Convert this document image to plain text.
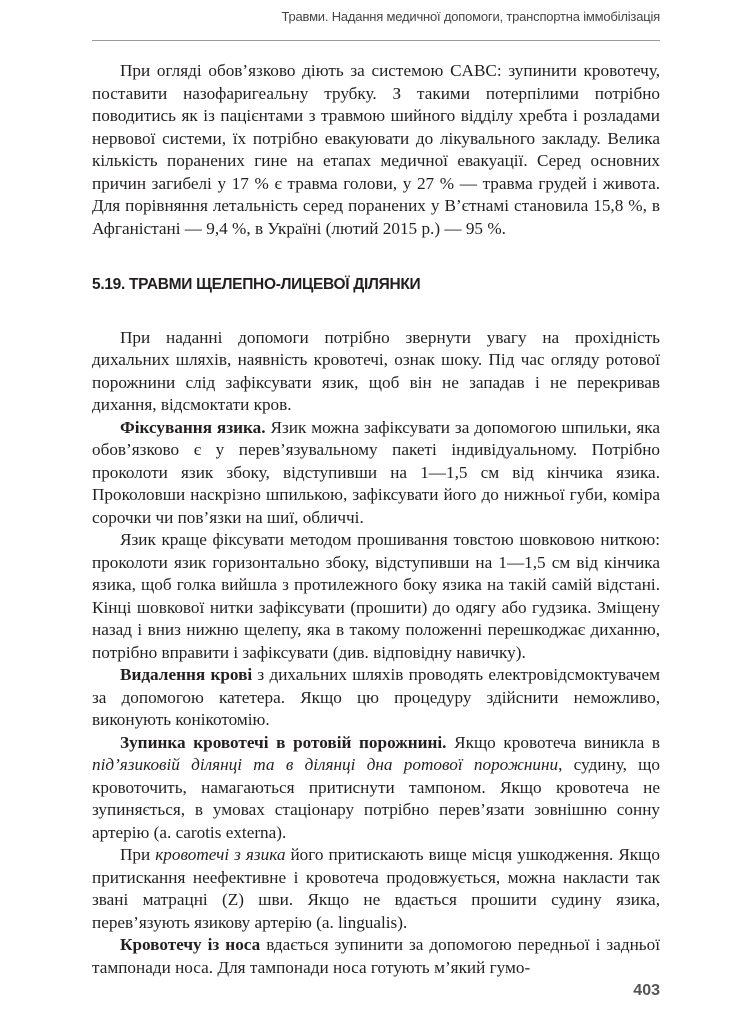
Травми. Надання медичної допомоги, транспортна іммобілізація

При огляді обов’язково діють за системою CABC: зупинити кровотечу, поставити назофаригеальну трубку. З такими потерпілими потрібно поводитись як із пацієнтами з травмою шийного відділу хребта і розладами нервової системи, їх потрібно евакуювати до лікувального закладу. Велика кількість поранених гине на етапах медичної евакуації. Серед основних причин загибелі у 17 % є травма голови, у 27 % — травма грудей і живота. Для порівняння летальність серед поранених у В’єтнамі становила 15,8 %, в Афганістані — 9,4 %, в Україні (лютий 2015 р.) — 95 %.

5.19. ТРАВМИ ЩЕЛЕПНО-ЛИЦЕВОЇ ДІЛЯНКИ

При наданні допомоги потрібно звернути увагу на прохідність дихальних шляхів, наявність кровотечі, ознак шоку. Під час огляду ротової порожнини слід зафіксувати язик, щоб він не западав і не перекривав дихання, відсмоктати кров.

Фіксування язика. Язик можна зафіксувати за допомогою шпильки, яка обов’язково є у перев’язувальному пакеті індивідуальному. Потрібно проколоти язик збоку, відступивши на 1—1,5 см від кінчика язика. Проколовши наскрізно шпилькою, зафіксувати його до нижньої губи, коміра сорочки чи пов’язки на шиї, обличчі.

Язик краще фіксувати методом прошивання товстою шовковою ниткою: проколоти язик горизонтально збоку, відступивши на 1—1,5 см від кінчика язика, щоб голка вийшла з протилежного боку язика на такій самій відстані. Кінці шовкової нитки зафіксувати (прошити) до одягу або гудзика. Зміщену назад і вниз нижню щелепу, яка в такому положенні перешкоджає диханню, потрібно вправити і зафіксувати (див. відповідну навичку).

Видалення крові з дихальних шляхів проводять електровідсмоктувачем за допомогою катетера. Якщо цю процедуру здійснити неможливо, виконують конікотомію.

Зупинка кровотечі в ротовій порожнині. Якщо кровотеча виникла в під’язиковій ділянці та в ділянці дна ротової порожнини, судину, що кровоточить, намагаються притиснути тампоном. Якщо кровотеча не зупиняється, в умовах стаціонару потрібно перев’язати зовнішню сонну артерію (a. carotis externa).

При кровотечі з язика його притискають вище місця ушкодження. Якщо притискання неефективне і кровотеча продовжується, можна накласти так звані матрацні (Z) шви. Якщо не вдається прошити судину язика, перев’язують язикову артерію (a. lingualis).

Кровотечу із носа вдається зупинити за допомогою передньої і задньої тампонади носа. Для тампонади носа готують м’який гумо-

403
